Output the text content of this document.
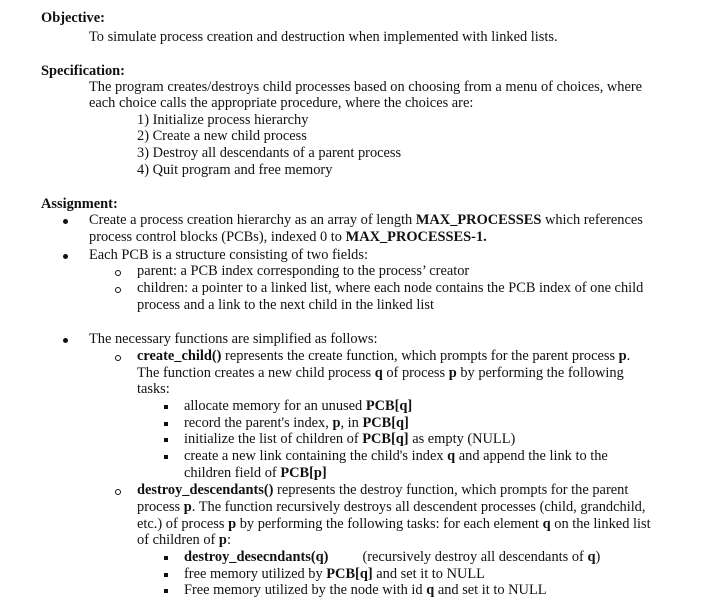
Objective:
To simulate process creation and destruction when implemented with linked lists.
Specification:
The program creates/destroys child processes based on choosing from a menu of choices, where
each choice calls the appropriate procedure, where the choices are:
1) Initialize process hierarchy
2) Create a new child process
3) Destroy all descendants of a parent process
4) Quit program and free memory
Assignment:
Create a process creation hierarchy as an array of length MAX_PROCESSES which references
process control blocks (PCBs), indexed 0 to MAX_PROCESSES-1.
Each PCB is a structure consisting of two fields:
parent: a PCB index corresponding to the process’ creator
children: a pointer to a linked list, where each node contains the PCB index of one child
process and a link to the next child in the linked list
The necessary functions are simplified as follows:
create_child() represents the create function, which prompts for the parent process p.
The function creates a new child process q of process p by performing the following
tasks:
allocate memory for an unused PCB[q]
record the parent's index, p, in PCB[q]
initialize the list of children of PCB[q] as empty (NULL)
create a new link containing the child's index q and append the link to the
children field of PCB[p]
destroy_descendants() represents the destroy function, which prompts for the parent
process p. The function recursively destroys all descendent processes (child, grandchild,
etc.) of process p by performing the following tasks: for each element q on the linked list
of children of p:
destroy_desecndants(q) (recursively destroy all descendants of q)
free memory utilized by PCB[q] and set it to NULL
Free memory utilized by the node with id q and set it to NULL
